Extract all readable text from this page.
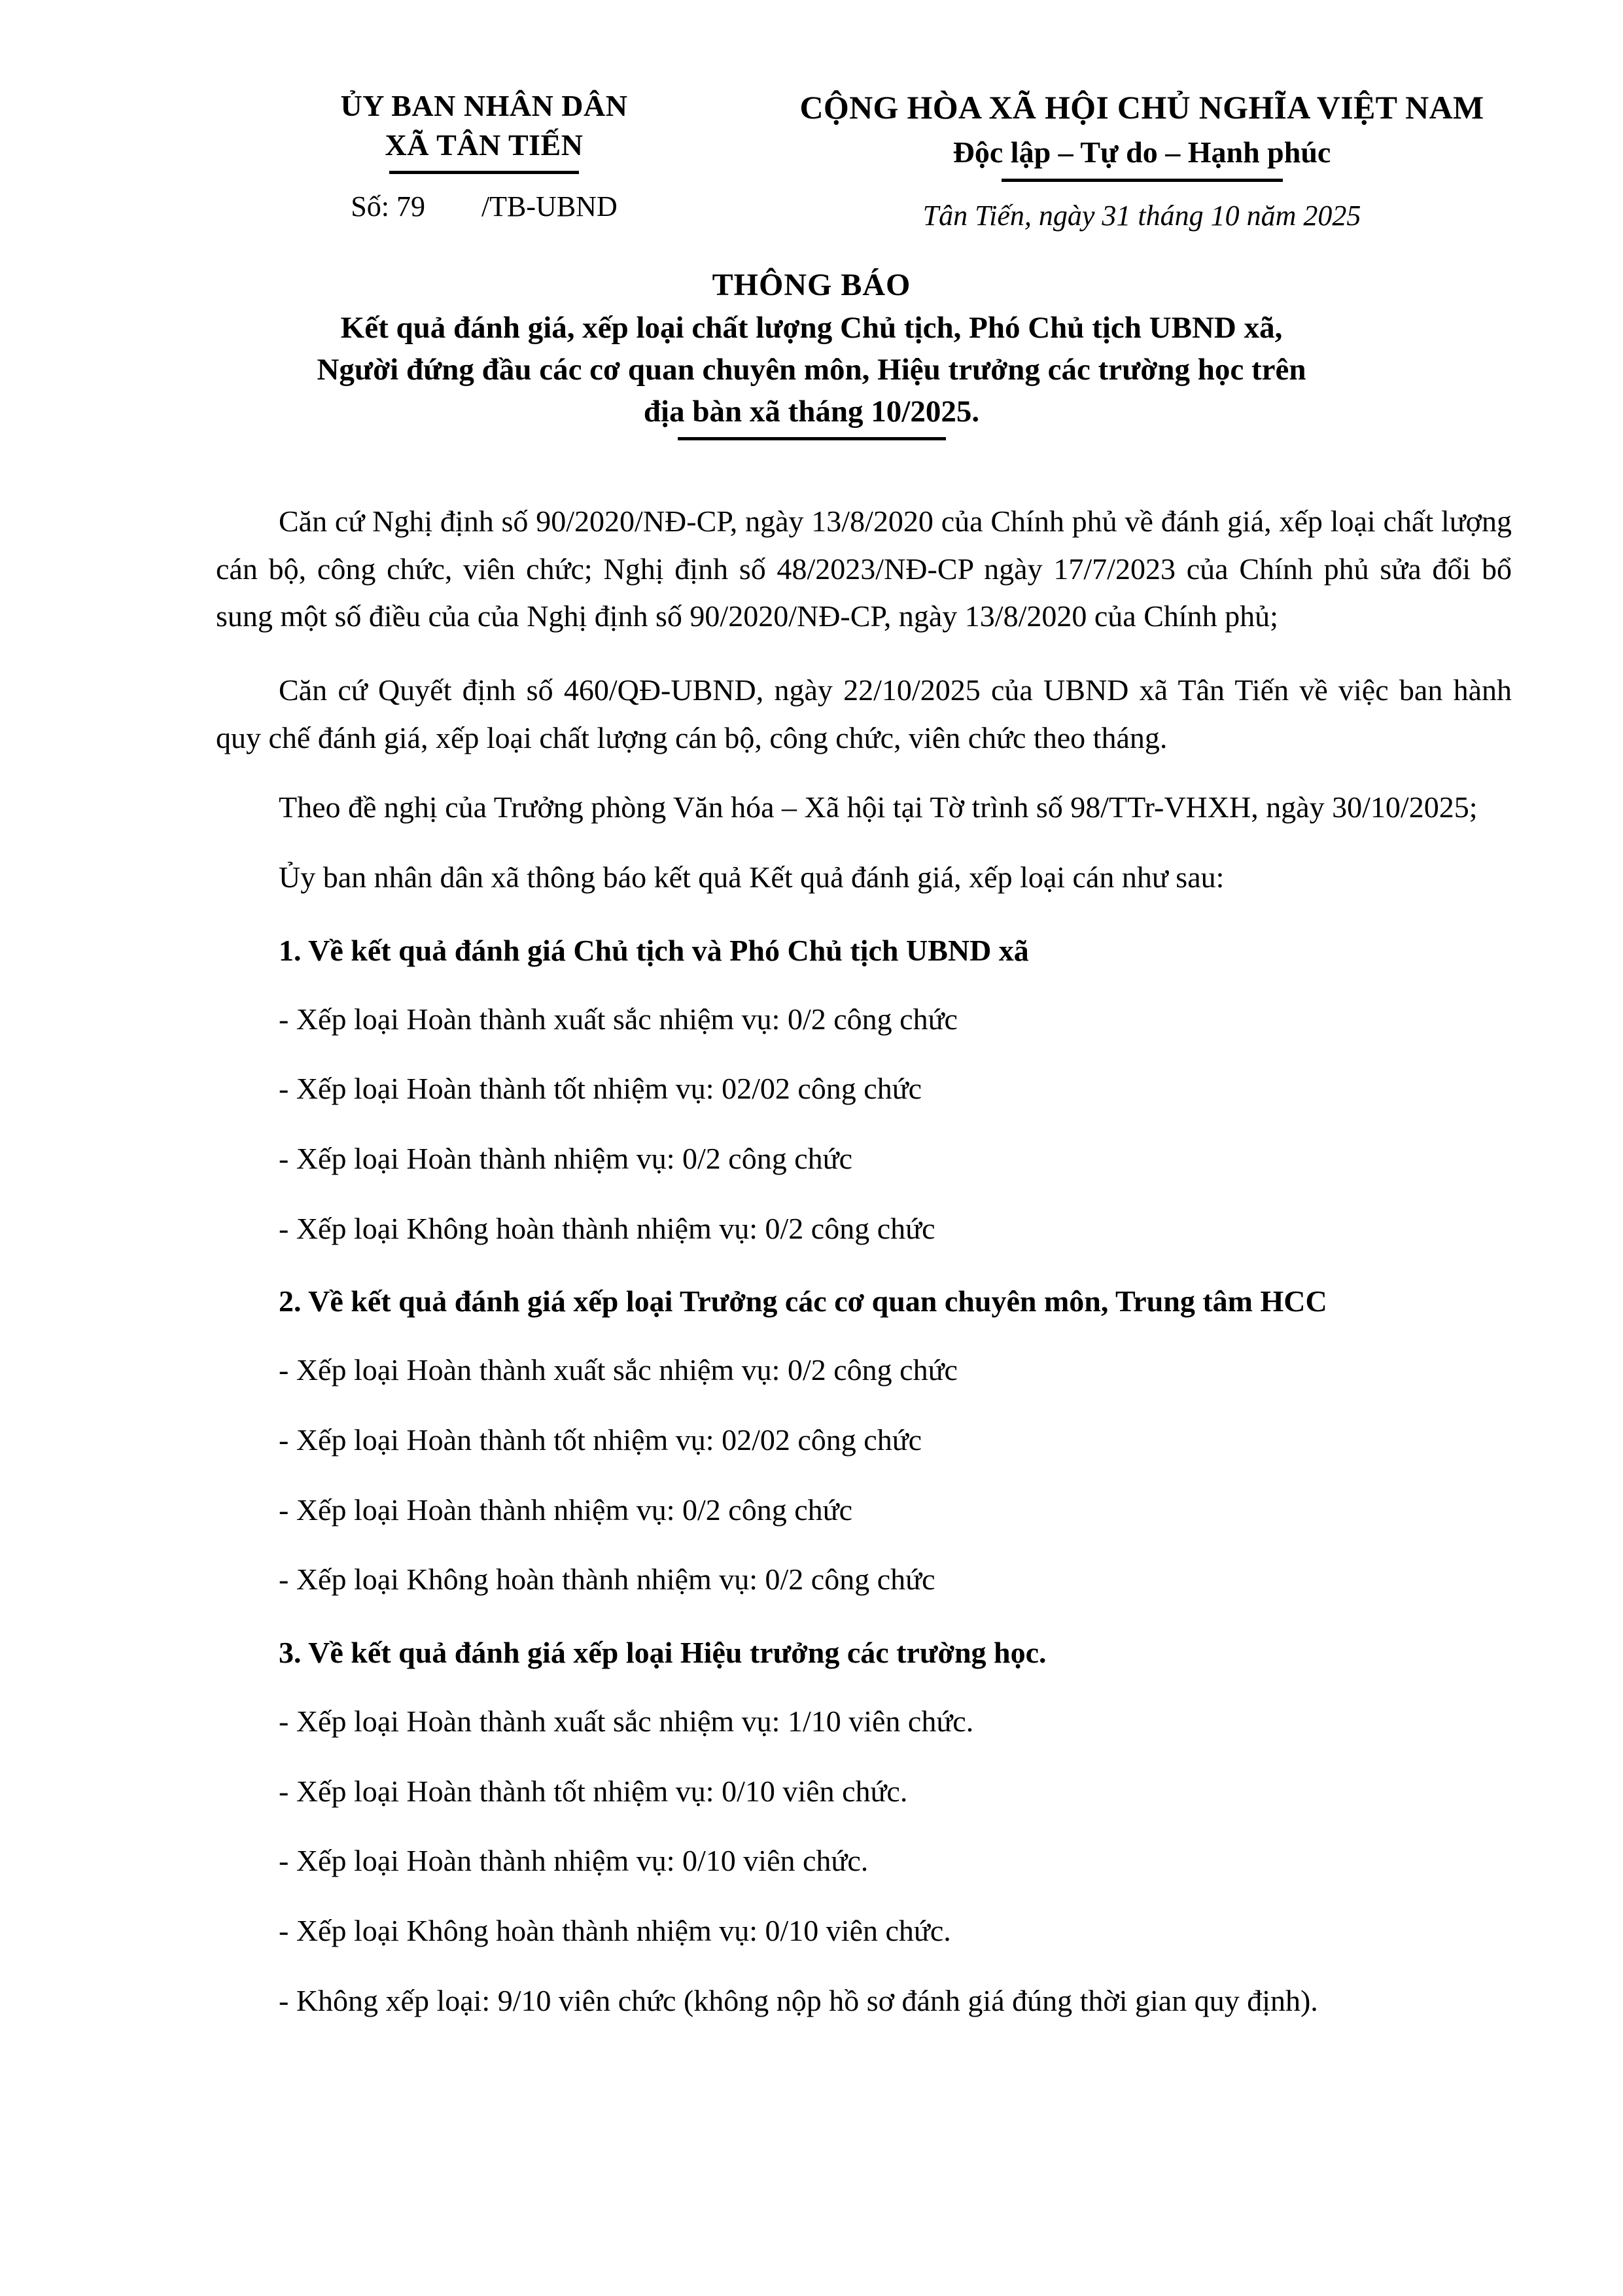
ỦY BAN NHÂN DÂN
XÃ TÂN TIẾN
Số: 79 /TB-UBND
CỘNG HÒA XÃ HỘI CHỦ NGHĨA VIỆT NAM
Độc lập – Tự do – Hạnh phúc
Tân Tiến, ngày 31 tháng 10 năm 2025
THÔNG BÁO
Kết quả đánh giá, xếp loại chất lượng Chủ tịch, Phó Chủ tịch UBND xã,
Người đứng đầu các cơ quan chuyên môn, Hiệu trưởng các trường học trên
địa bàn xã tháng 10/2025.
Căn cứ Nghị định số 90/2020/NĐ-CP, ngày 13/8/2020 của Chính phủ về đánh giá, xếp loại chất lượng cán bộ, công chức, viên chức; Nghị định số 48/2023/NĐ-CP ngày 17/7/2023 của Chính phủ sửa đổi bổ sung một số điều của của Nghị định số 90/2020/NĐ-CP, ngày 13/8/2020 của Chính phủ;
Căn cứ Quyết định số 460/QĐ-UBND, ngày 22/10/2025 của UBND xã Tân Tiến về việc ban hành quy chế đánh giá, xếp loại chất lượng cán bộ, công chức, viên chức theo tháng.
Theo đề nghị của Trưởng phòng Văn hóa – Xã hội tại Tờ trình số 98/TTr-VHXH, ngày 30/10/2025;
Ủy ban nhân dân xã thông báo kết quả Kết quả đánh giá, xếp loại cán như sau:
1. Về kết quả đánh giá Chủ tịch và Phó Chủ tịch UBND xã
- Xếp loại Hoàn thành xuất sắc nhiệm vụ: 0/2 công chức
- Xếp loại Hoàn thành tốt nhiệm vụ: 02/02 công chức
- Xếp loại Hoàn thành nhiệm vụ: 0/2 công chức
- Xếp loại Không hoàn thành nhiệm vụ: 0/2 công chức
2. Về kết quả đánh giá xếp loại Trưởng các cơ quan chuyên môn, Trung tâm HCC
- Xếp loại Hoàn thành xuất sắc nhiệm vụ: 0/2 công chức
- Xếp loại Hoàn thành tốt nhiệm vụ: 02/02 công chức
- Xếp loại Hoàn thành nhiệm vụ: 0/2 công chức
- Xếp loại Không hoàn thành nhiệm vụ: 0/2 công chức
3. Về kết quả đánh giá xếp loại Hiệu trưởng các trường học.
- Xếp loại Hoàn thành xuất sắc nhiệm vụ: 1/10 viên chức.
- Xếp loại Hoàn thành tốt nhiệm vụ: 0/10 viên chức.
- Xếp loại Hoàn thành nhiệm vụ: 0/10 viên chức.
- Xếp loại Không hoàn thành nhiệm vụ: 0/10 viên chức.
- Không xếp loại: 9/10 viên chức (không nộp hồ sơ đánh giá đúng thời gian quy định).
